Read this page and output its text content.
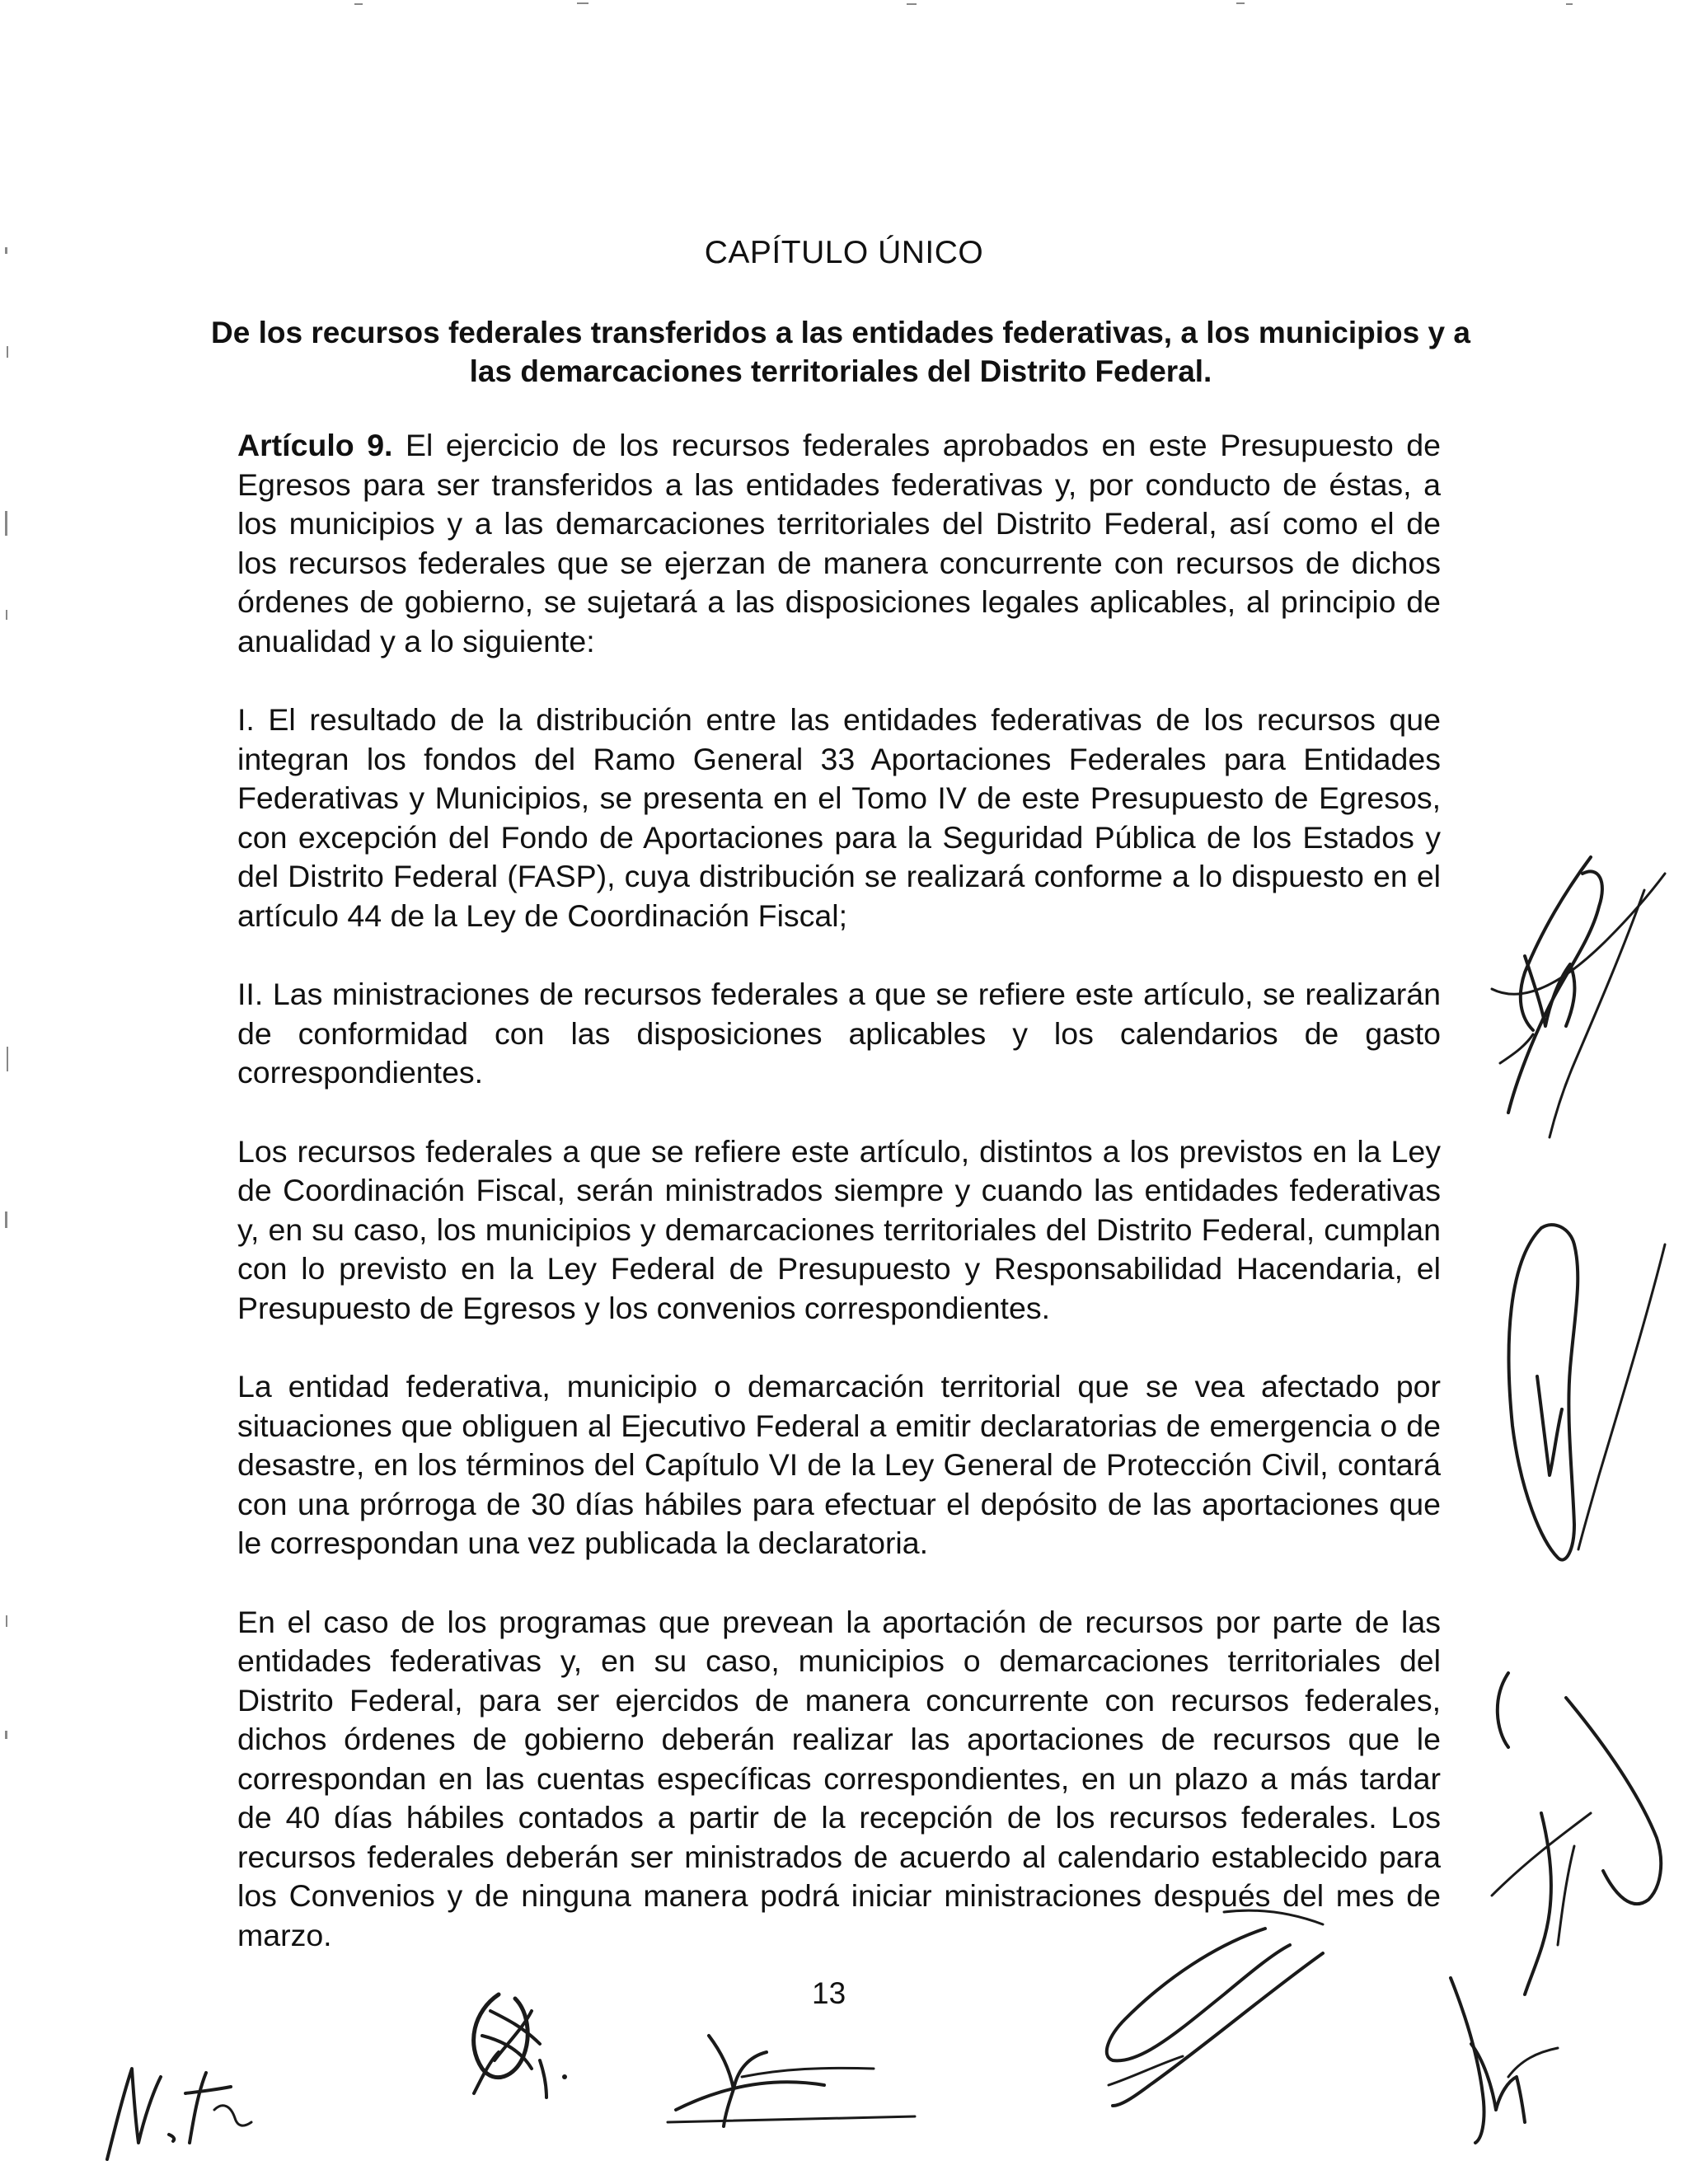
CAPÍTULO ÚNICO
De los recursos federales transferidos a las entidades federativas, a los municipios y a las demarcaciones territoriales del Distrito Federal.

Artículo 9. El ejercicio de los recursos federales aprobados en este Presupuesto de Egresos para ser transferidos a las entidades federativas y, por conducto de éstas, a los municipios y a las demarcaciones territoriales del Distrito Federal, así como el de los recursos federales que se ejerzan de manera concurrente con recursos de dichos órdenes de gobierno, se sujetará a las disposiciones legales aplicables, al principio de anualidad y a lo siguiente:

I. El resultado de la distribución entre las entidades federativas de los recursos que integran los fondos del Ramo General 33 Aportaciones Federales para Entidades Federativas y Municipios, se presenta en el Tomo IV de este Presupuesto de Egresos, con excepción del Fondo de Aportaciones para la Seguridad Pública de los Estados y del Distrito Federal (FASP), cuya distribución se realizará conforme a lo dispuesto en el artículo 44 de la Ley de Coordinación Fiscal;

II. Las ministraciones de recursos federales a que se refiere este artículo, se realizarán de conformidad con las disposiciones aplicables y los calendarios de gasto correspondientes.

Los recursos federales a que se refiere este artículo, distintos a los previstos en la Ley de Coordinación Fiscal, serán ministrados siempre y cuando las entidades federativas y, en su caso, los municipios y demarcaciones territoriales del Distrito Federal, cumplan con lo previsto en la Ley Federal de Presupuesto y Responsabilidad Hacendaria, el Presupuesto de Egresos y los convenios correspondientes.

La entidad federativa, municipio o demarcación territorial que se vea afectado por situaciones que obliguen al Ejecutivo Federal a emitir declaratorias de emergencia o de desastre, en los términos del Capítulo VI de la Ley General de Protección Civil, contará con una prórroga de 30 días hábiles para efectuar el depósito de las aportaciones que le correspondan una vez publicada la declaratoria.

En el caso de los programas que prevean la aportación de recursos por parte de las entidades federativas y, en su caso, municipios o demarcaciones territoriales del Distrito Federal, para ser ejercidos de manera concurrente con recursos federales, dichos órdenes de gobierno deberán realizar las aportaciones de recursos que le correspondan en las cuentas específicas correspondientes, en un plazo a más tardar de 40 días hábiles contados a partir de la recepción de los recursos federales. Los recursos federales deberán ser ministrados de acuerdo al calendario establecido para los Convenios y de ninguna manera podrá iniciar ministraciones después del mes de marzo.

13
